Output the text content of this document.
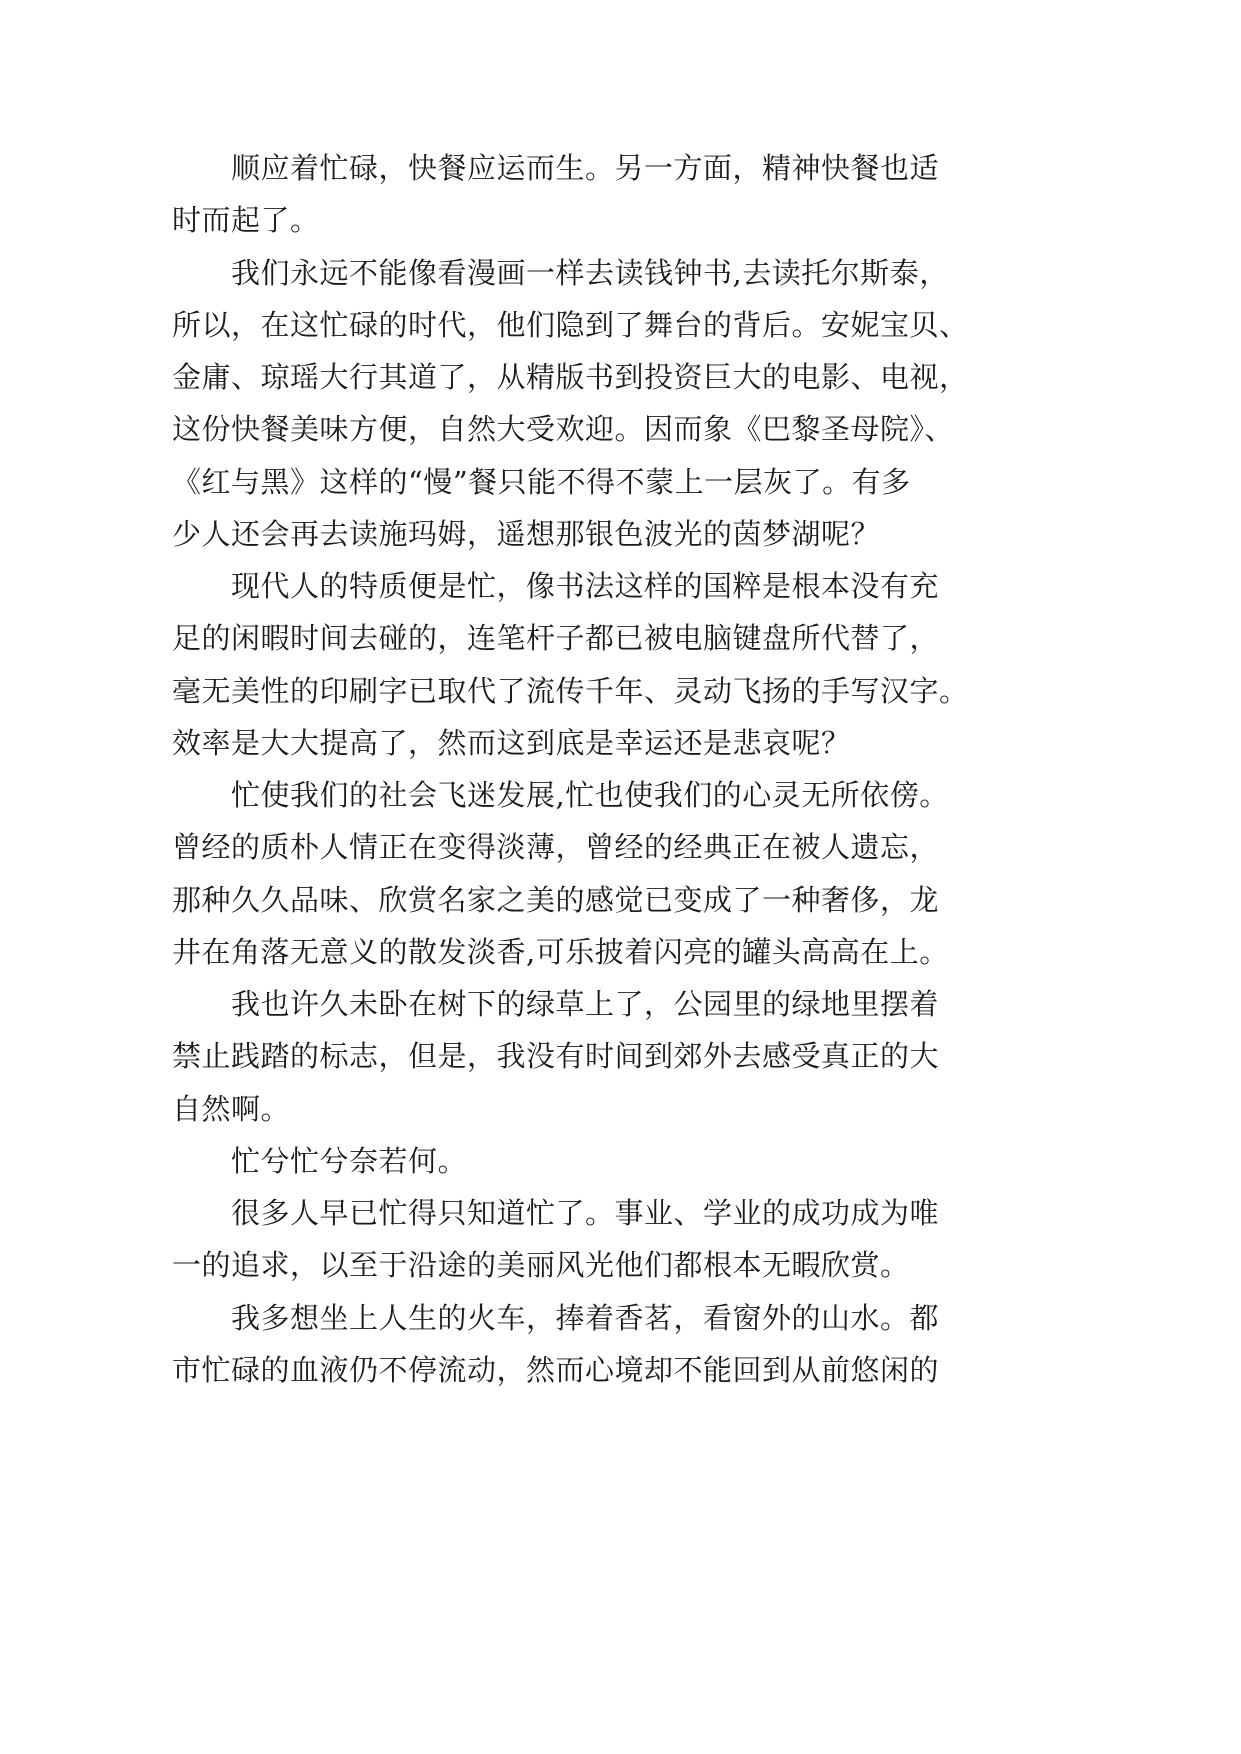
顺应着忙碌，快餐应运而生。另一方面，精神快餐也适
时而起了。
我们永远不能像看漫画一样去读钱钟书,去读托尔斯泰，
所以，在这忙碌的时代，他们隐到了舞台的背后。安妮宝贝、
金庸、琼瑶大行其道了，从精版书到投资巨大的电影、电视，
这份快餐美味方便，自然大受欢迎。因而象《巴黎圣母院》、
《红与黑》这样的“慢”餐只能不得不蒙上一层灰了。有多
少人还会再去读施玛姆，遥想那银色波光的茵梦湖呢？
现代人的特质便是忙，像书法这样的国粹是根本没有充
足的闲暇时间去碰的，连笔杆子都已被电脑键盘所代替了，
毫无美性的印刷字已取代了流传千年、灵动飞扬的手写汉字。
效率是大大提高了，然而这到底是幸运还是悲哀呢？
忙使我们的社会飞迷发展,忙也使我们的心灵无所依傍。
曾经的质朴人情正在变得淡薄，曾经的经典正在被人遗忘，
那种久久品味、欣赏名家之美的感觉已变成了一种奢侈，龙
井在角落无意义的散发淡香,可乐披着闪亮的罐头高高在上。
我也许久未卧在树下的绿草上了，公园里的绿地里摆着
禁止践踏的标志，但是，我没有时间到郊外去感受真正的大
自然啊。
忙兮忙兮奈若何。
很多人早已忙得只知道忙了。事业、学业的成功成为唯
一的追求，以至于沿途的美丽风光他们都根本无暇欣赏。
我多想坐上人生的火车，捧着香茗，看窗外的山水。都
市忙碌的血液仍不停流动，然而心境却不能回到从前悠闲的
